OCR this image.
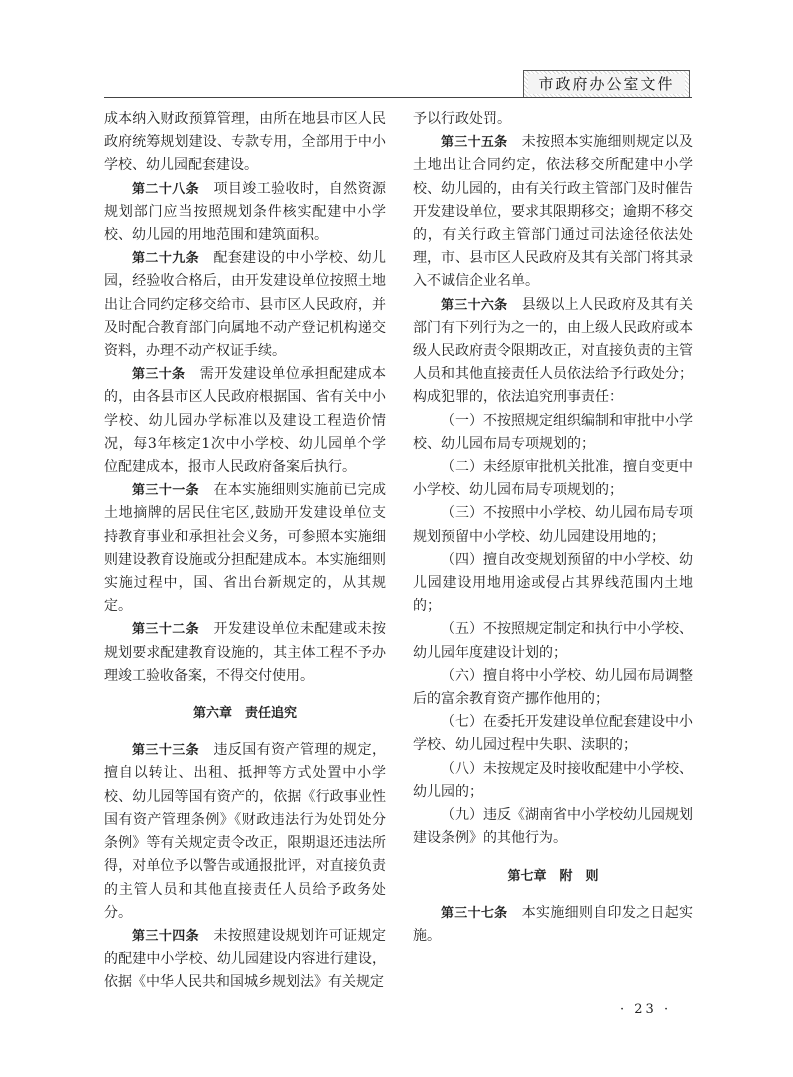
市政府办公室文件

成本纳入财政预算管理，由所在地县市区人民政府统筹规划建设、专款专用，全部用于中小学校、幼儿园配套建设。

第二十八条　 项目竣工验收时，自然资源规划部门应当按照规划条件核实配建中小学校、幼儿园的用地范围和建筑面积。

第二十九条　 配套建设的中小学校、幼儿园，经验收合格后，由开发建设单位按照土地出让合同约定移交给市、县市区人民政府，并及时配合教育部门向属地不动产登记机构递交资料，办理不动产权证手续。

第三十条　 需开发建设单位承担配建成本的，由各县市区人民政府根据国、省有关中小学校、幼儿园办学标准以及建设工程造价情况，每3年核定1次中小学校、幼儿园单个学位配建成本，报市人民政府备案后执行。

第三十一条　 在本实施细则实施前已完成土地摘牌的居民住宅区,鼓励开发建设单位支持教育事业和承担社会义务，可参照本实施细则建设教育设施或分担配建成本。本实施细则实施过程中，国、省出台新规定的，从其规定。

第三十二条　 开发建设单位未配建或未按规划要求配建教育设施的，其主体工程不予办理竣工验收备案，不得交付使用。

第六章　责任追究

第三十三条　 违反国有资产管理的规定，擅自以转让、出租、抵押等方式处置中小学校、幼儿园等国有资产的，依据《行政事业性国有资产管理条例》《财政违法行为处罚处分条例》等有关规定责令改正，限期退还违法所得，对单位予以警告或通报批评，对直接负责的主管人员和其他直接责任人员给予政务处分。

第三十四条　 未按照建设规划许可证规定的配建中小学校、幼儿园建设内容进行建设，依据《中华人民共和国城乡规划法》有关规定

予以行政处罚。

第三十五条　 未按照本实施细则规定以及土地出让合同约定，依法移交所配建中小学校、幼儿园的，由有关行政主管部门及时催告开发建设单位，要求其限期移交；逾期不移交的，有关行政主管部门通过司法途径依法处理，市、县市区人民政府及其有关部门将其录入不诚信企业名单。

第三十六条　 县级以上人民政府及其有关部门有下列行为之一的，由上级人民政府或本级人民政府责令限期改正，对直接负责的主管人员和其他直接责任人员依法给予行政处分；构成犯罪的，依法追究刑事责任：

（一）不按照规定组织编制和审批中小学校、幼儿园布局专项规划的；

（二）未经原审批机关批准，擅自变更中小学校、幼儿园布局专项规划的；

（三）不按照中小学校、幼儿园布局专项规划预留中小学校、幼儿园建设用地的；

（四）擅自改变规划预留的中小学校、幼儿园建设用地用途或侵占其界线范围内土地的；

（五）不按照规定制定和执行中小学校、幼儿园年度建设计划的；

（六）擅自将中小学校、幼儿园布局调整后的富余教育资产挪作他用的；

（七）在委托开发建设单位配套建设中小学校、幼儿园过程中失职、渎职的；

（八）未按规定及时接收配建中小学校、幼儿园的；

（九）违反《湖南省中小学校幼儿园规划建设条例》的其他行为。

第七章　附　则

第三十七条　 本实施细则自印发之日起实施。

· 23 ·
